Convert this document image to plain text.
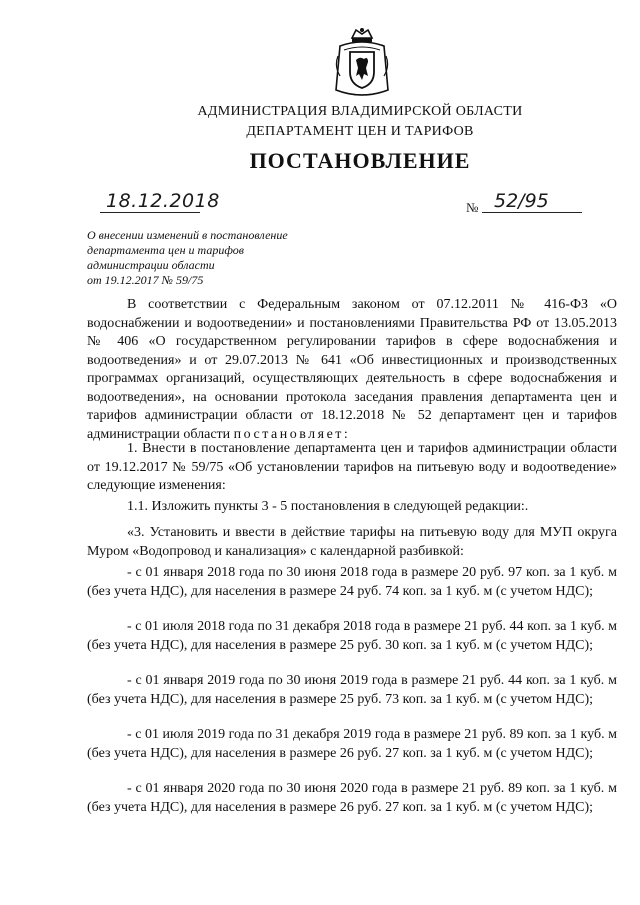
АДМИНИСТРАЦИЯ ВЛАДИМИРСКОЙ ОБЛАСТИ
ДЕПАРТАМЕНТ ЦЕН И ТАРИФОВ
ПОСТАНОВЛЕНИЕ
18.12.2018	№ 52/95
О внесении изменений в постановление
департамента цен и тарифов
администрации области
от 19.12.2017 № 59/75

В соответствии с Федеральным законом от 07.12.2011 № 416-ФЗ «О водоснабжении и водоотведении» и постановлениями Правительства РФ от 13.05.2013 № 406 «О государственном регулировании тарифов в сфере водоснабжения и водоотведения» и от 29.07.2013 № 641 «Об инвестиционных и производственных программах организаций, осуществляющих деятельность в сфере водоснабжения и водоотведения», на основании протокола заседания правления департамента цен и тарифов администрации области от 18.12.2018 № 52 департамент цен и тарифов администрации области постановляет:

1. Внести в постановление департамента цен и тарифов администрации области от 19.12.2017 № 59/75 «Об установлении тарифов на питьевую воду и водоотведение» следующие изменения:

1.1. Изложить пункты 3 - 5 постановления в следующей редакции:.

«3. Установить и ввести в действие тарифы на питьевую воду для МУП округа Муром «Водопровод и канализация» с календарной разбивкой:

- с 01 января 2018 года по 30 июня 2018 года в размере 20 руб. 97 коп. за 1 куб. м (без учета НДС), для населения в размере 24 руб. 74 коп. за 1 куб. м (с учетом НДС);

- с 01 июля 2018 года по 31 декабря 2018 года в размере 21 руб. 44 коп. за 1 куб. м (без учета НДС), для населения в размере 25 руб. 30 коп. за 1 куб. м (с учетом НДС);

- с 01 января 2019 года по 30 июня 2019 года в размере 21 руб. 44 коп. за 1 куб. м (без учета НДС), для населения в размере 25 руб. 73 коп. за 1 куб. м (с учетом НДС);

- с 01 июля 2019 года по 31 декабря 2019 года в размере 21 руб. 89 коп. за 1 куб. м (без учета НДС), для населения в размере 26 руб. 27 коп. за 1 куб. м (с учетом НДС);

- с 01 января 2020 года по 30 июня 2020 года в размере 21 руб. 89 коп. за 1 куб. м (без учета НДС), для населения в размере 26 руб. 27 коп. за 1 куб. м (с учетом НДС);
